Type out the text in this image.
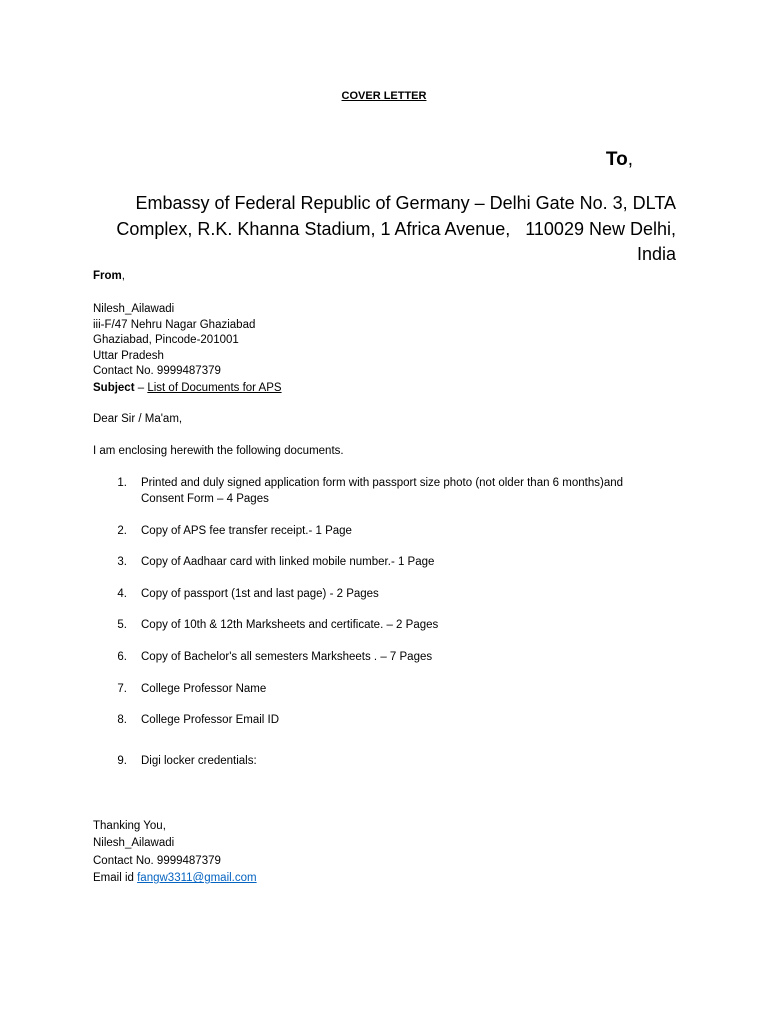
COVER LETTER
To,
Embassy of Federal Republic of Germany – Delhi Gate No. 3, DLTA
Complex, R.K. Khanna Stadium, 1 Africa Avenue,   110029 New Delhi,
India
From,
Nilesh_Ailawadi
iii-F/47 Nehru Nagar Ghaziabad
Ghaziabad, Pincode-201001
Uttar Pradesh
Contact No. 9999487379
Subject – List of Documents for APS
Dear Sir / Ma'am,
I am enclosing herewith the following documents.
1. Printed and duly signed application form with passport size photo (not older than 6 months)and Consent Form – 4 Pages
2. Copy of APS fee transfer receipt.- 1 Page
3. Copy of Aadhaar card with linked mobile number.- 1 Page
4. Copy of passport (1st and last page) - 2 Pages
5. Copy of 10th & 12th Marksheets and certificate. – 2 Pages
6. Copy of Bachelor's all semesters Marksheets . – 7 Pages
7. College Professor Name
8. College Professor Email ID
9. Digi locker credentials:
Thanking You,
Nilesh_Ailawadi
Contact No. 9999487379
Email id fangw3311@gmail.com
